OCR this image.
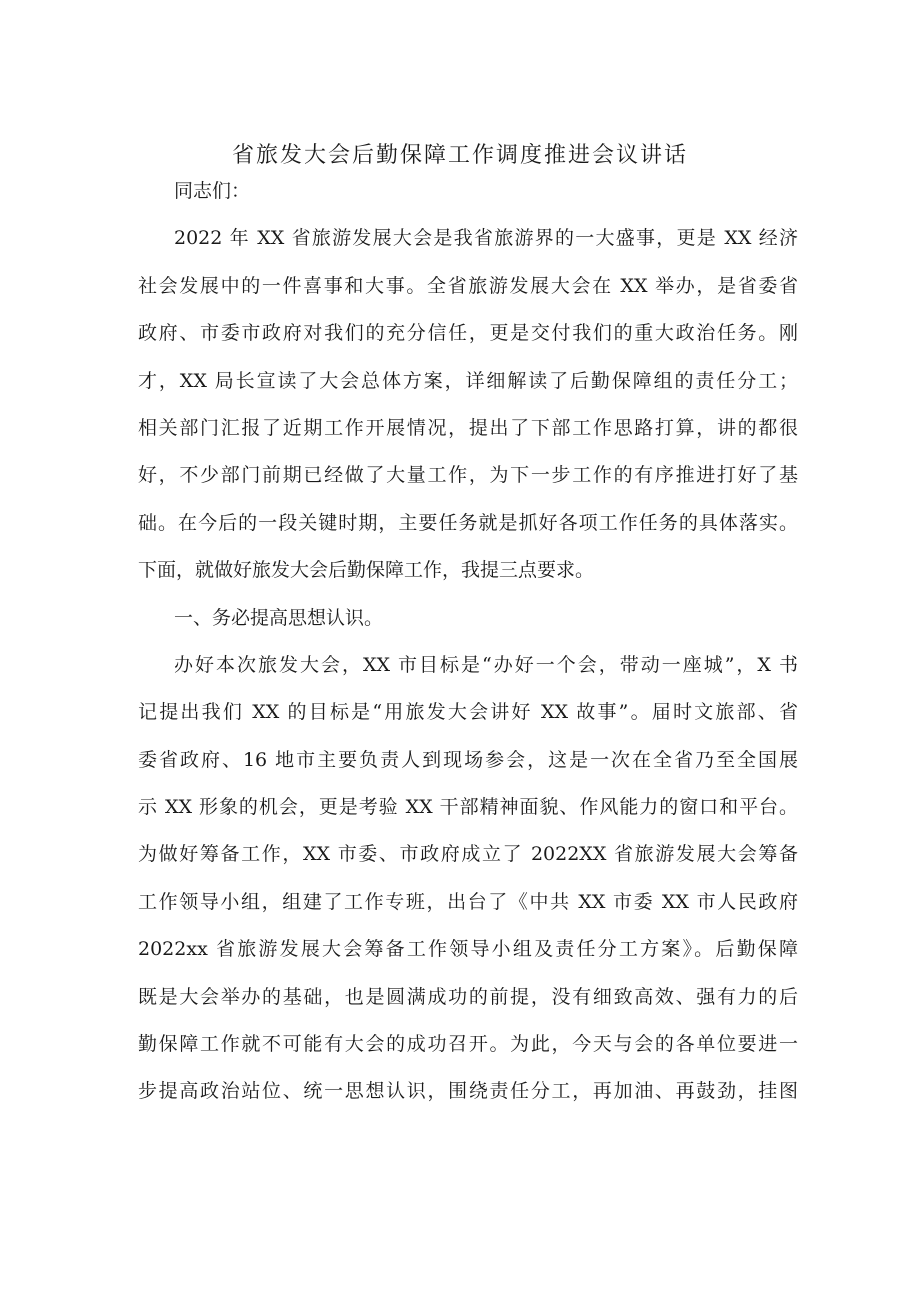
省旅发大会后勤保障工作调度推进会议讲话
同志们：
2022 年 XX 省旅游发展大会是我省旅游界的一大盛事，更是 XX 经济
社会发展中的一件喜事和大事。全省旅游发展大会在 XX 举办，是省委省
政府、市委市政府对我们的充分信任，更是交付我们的重大政治任务。刚
才，XX 局长宣读了大会总体方案，详细解读了后勤保障组的责任分工；
相关部门汇报了近期工作开展情况，提出了下部工作思路打算，讲的都很
好，不少部门前期已经做了大量工作，为下一步工作的有序推进打好了基
础。在今后的一段关键时期，主要任务就是抓好各项工作任务的具体落实。
下面，就做好旅发大会后勤保障工作，我提三点要求。
一、务必提高思想认识。
办好本次旅发大会，XX 市目标是“办好一个会，带动一座城”，X 书
记提出我们 XX 的目标是“用旅发大会讲好 XX 故事”。届时文旅部、省
委省政府、16 地市主要负责人到现场参会，这是一次在全省乃至全国展
示 XX 形象的机会，更是考验 XX 干部精神面貌、作风能力的窗口和平台。
为做好筹备工作，XX 市委、市政府成立了 2022XX 省旅游发展大会筹备
工作领导小组，组建了工作专班，出台了《中共 XX 市委 XX 市人民政府
2022xx 省旅游发展大会筹备工作领导小组及责任分工方案》。后勤保障
既是大会举办的基础，也是圆满成功的前提，没有细致高效、强有力的后
勤保障工作就不可能有大会的成功召开。为此，今天与会的各单位要进一
步提高政治站位、统一思想认识，围绕责任分工，再加油、再鼓劲，挂图
